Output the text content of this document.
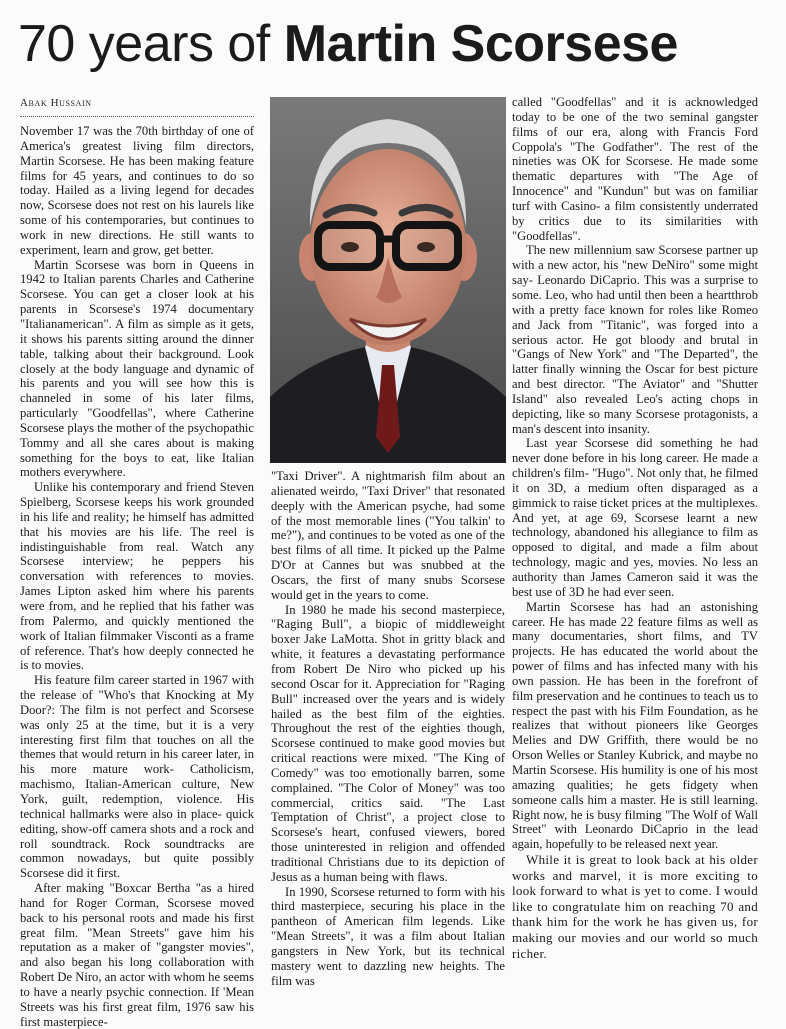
70 years of Martin Scorsese
Abak Hussain

November 17 was the 70th birthday of one of America's greatest living film directors, Martin Scorsese. He has been making feature films for 45 years, and continues to do so today. Hailed as a living legend for decades now, Scorsese does not rest on his laurels like some of his contemporaries, but continues to work in new directions. He still wants to experiment, learn and grow, get better.

Martin Scorsese was born in Queens in 1942 to Italian parents Charles and Catherine Scorsese. You can get a closer look at his parents in Scorsese's 1974 documentary "Italianamerican". A film as simple as it gets, it shows his parents sitting around the dinner table, talking about their background. Look closely at the body language and dynamic of his parents and you will see how this is channeled in some of his later films, particularly "Goodfellas", where Catherine Scorsese plays the mother of the psychopathic Tommy and all she cares about is making something for the boys to eat, like Italian mothers everywhere.

Unlike his contemporary and friend Steven Spielberg, Scorsese keeps his work grounded in his life and reality; he himself has admitted that his movies are his life. The reel is indistinguishable from real. Watch any Scorsese interview; he peppers his conversation with references to movies. James Lipton asked him where his parents were from, and he replied that his father was from Palermo, and quickly mentioned the work of Italian filmmaker Visconti as a frame of reference. That's how deeply connected he is to movies.

His feature film career started in 1967 with the release of "Who's that Knocking at My Door?: The film is not perfect and Scorsese was only 25 at the time, but it is a very interesting first film that touches on all the themes that would return in his career later, in his more mature work- Catholicism, machismo, Italian-American culture, New York, guilt, redemption, violence. His technical hallmarks were also in place- quick editing, show-off camera shots and a rock and roll soundtrack. Rock soundtracks are common nowadays, but quite possibly Scorsese did it first.

After making "Boxcar Bertha "as a hired hand for Roger Corman, Scorsese moved back to his personal roots and made his first great film. "Mean Streets" gave him his reputation as a maker of "gangster movies", and also began his long collaboration with Robert De Niro, an actor with whom he seems to have a nearly psychic connection. If 'Mean Streets was his first great film, 1976 saw his first masterpiece-

"Taxi Driver". A nightmarish film about an alienated weirdo, "Taxi Driver" that resonated deeply with the American psyche, had some of the most memorable lines ("You talkin' to me?"), and continues to be voted as one of the best films of all time. It picked up the Palme D'Or at Cannes but was snubbed at the Oscars, the first of many snubs Scorsese would get in the years to come.

In 1980 he made his second masterpiece, "Raging Bull", a biopic of middleweight boxer Jake LaMotta. Shot in gritty black and white, it features a devastating performance from Robert De Niro who picked up his second Oscar for it. Appreciation for "Raging Bull" increased over the years and is widely hailed as the best film of the eighties. Throughout the rest of the eighties though, Scorsese continued to make good movies but critical reactions were mixed. "The King of Comedy" was too emotionally barren, some complained. "The Color of Money" was too commercial, critics said. "The Last Temptation of Christ", a project close to Scorsese's heart, confused viewers, bored those uninterested in religion and offended traditional Christians due to its depiction of Jesus as a human being with flaws.

In 1990, Scorsese returned to form with his third masterpiece, securing his place in the pantheon of American film legends. Like "Mean Streets", it was a film about Italian gangsters in New York, but its technical mastery went to dazzling new heights. The film was

called "Goodfellas" and it is acknowledged today to be one of the two seminal gangster films of our era, along with Francis Ford Coppola's "The Godfather". The rest of the nineties was OK for Scorsese. He made some thematic departures with "The Age of Innocence" and "Kundun" but was on familiar turf with Casino- a film consistently underrated by critics due to its similarities with "Goodfellas".

The new millennium saw Scorsese partner up with a new actor, his "new DeNiro" some might say- Leonardo DiCaprio. This was a surprise to some. Leo, who had until then been a heartthrob with a pretty face known for roles like Romeo and Jack from "Titanic", was forged into a serious actor. He got bloody and brutal in "Gangs of New York" and "The Departed", the latter finally winning the Oscar for best picture and best director. "The Aviator" and "Shutter Island" also revealed Leo's acting chops in depicting, like so many Scorsese protagonists, a man's descent into insanity.

Last year Scorsese did something he had never done before in his long career. He made a children's film- "Hugo". Not only that, he filmed it on 3D, a medium often disparaged as a gimmick to raise ticket prices at the multiplexes. And yet, at age 69, Scorsese learnt a new technology, abandoned his allegiance to film as opposed to digital, and made a film about technology, magic and yes, movies. No less an authority than James Cameron said it was the best use of 3D he had ever seen.

Martin Scorsese has had an astonishing career. He has made 22 feature films as well as many documentaries, short films, and TV projects. He has educated the world about the power of films and has infected many with his own passion. He has been in the forefront of film preservation and he continues to teach us to respect the past with his Film Foundation, as he realizes that without pioneers like Georges Melies and DW Griffith, there would be no Orson Welles or Stanley Kubrick, and maybe no Martin Scorsese. His humility is one of his most amazing qualities; he gets fidgety when someone calls him a master. He is still learning. Right now, he is busy filming "The Wolf of Wall Street" with Leonardo DiCaprio in the lead again, hopefully to be released next year.

While it is great to look back at his older works and marvel, it is more exciting to look forward to what is yet to come. I would like to congratulate him on reaching 70 and thank him for the work he has given us, for making our movies and our world so much richer.
